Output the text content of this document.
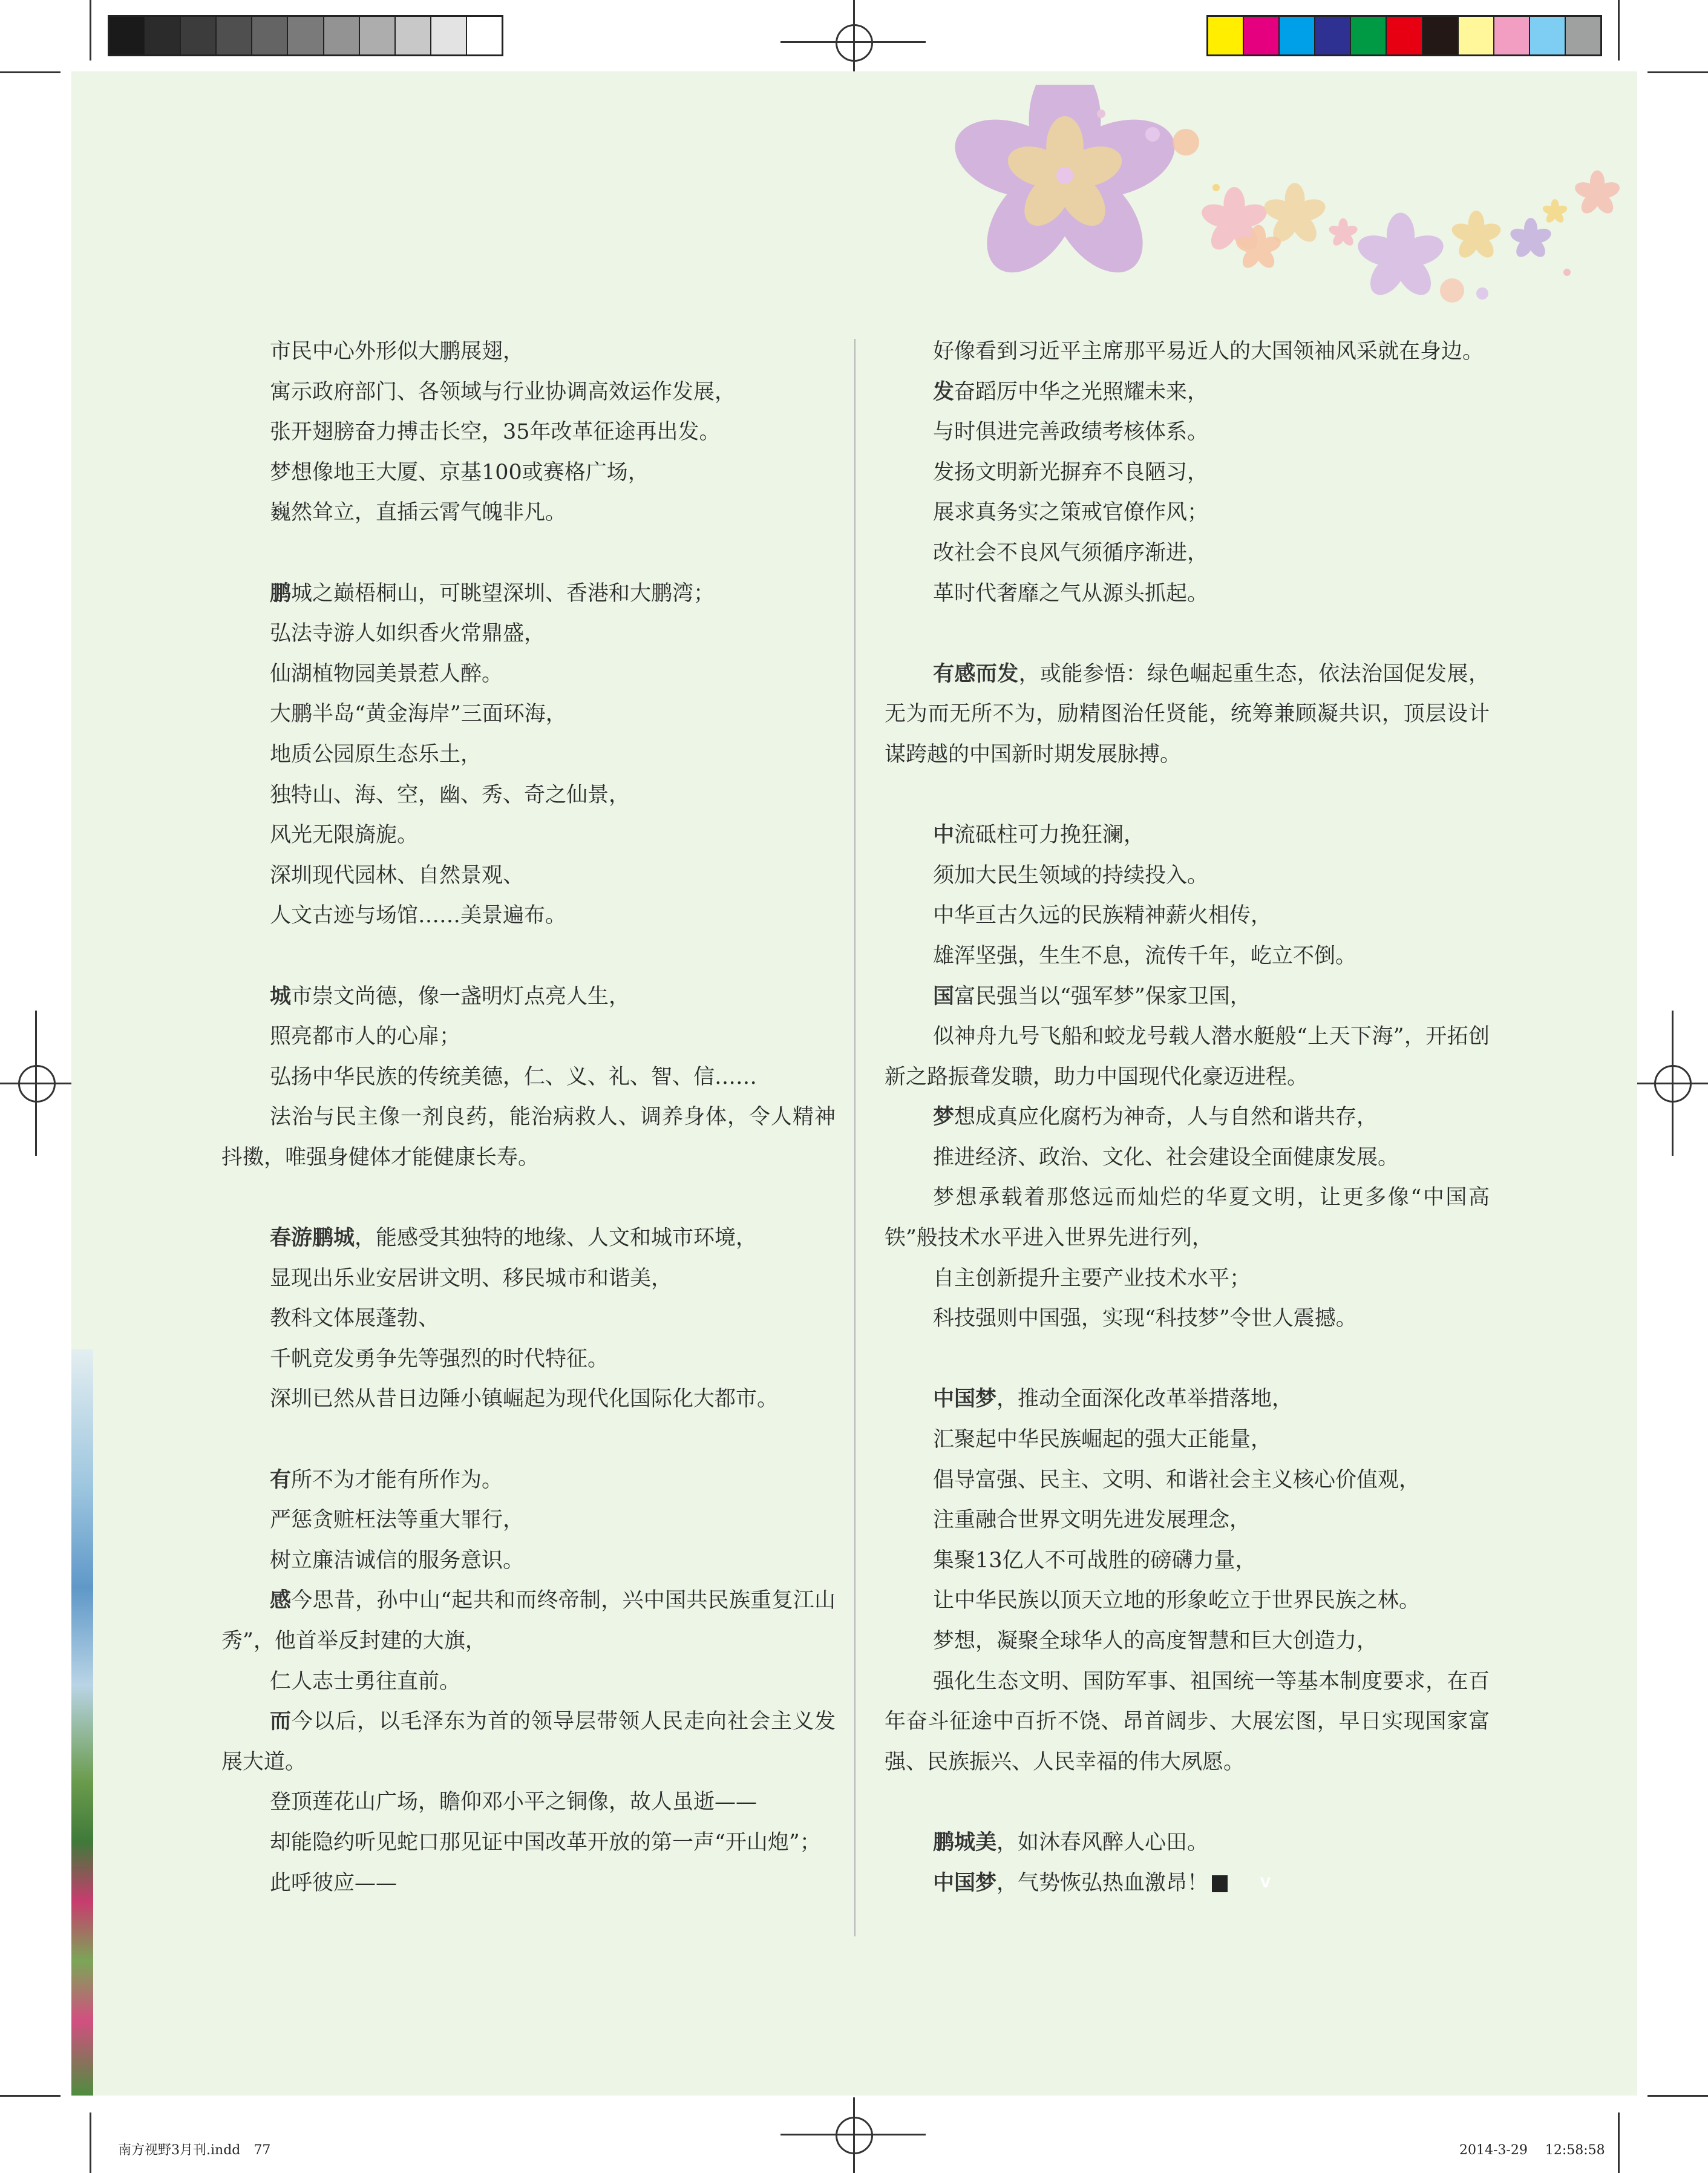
市民中心外形似大鹏展翅，

寓示政府部门、各领域与行业协调高效运作发展，

张开翅膀奋力搏击长空，35年改革征途再出发。

梦想像地王大厦、京基100或赛格广场，

巍然耸立，直插云霄气魄非凡。

鹏城之巅梧桐山，可眺望深圳、香港和大鹏湾；

弘法寺游人如织香火常鼎盛，

仙湖植物园美景惹人醉。

大鹏半岛“黄金海岸”三面环海，

地质公园原生态乐土，

独特山、海、空，幽、秀、奇之仙景，

风光无限旖旎。

深圳现代园林、自然景观、

人文古迹与场馆……美景遍布。

城市崇文尚德，像一盏明灯点亮人生，

照亮都市人的心扉；

弘扬中华民族的传统美德，仁、义、礼、智、信……

法治与民主像一剂良药，能治病救人、调养身体，令人精神抖擞，唯强身健体才能健康长寿。

春游鹏城，能感受其独特的地缘、人文和城市环境，

显现出乐业安居讲文明、移民城市和谐美，

教科文体展蓬勃、

千帆竞发勇争先等强烈的时代特征。

深圳已然从昔日边陲小镇崛起为现代化国际化大都市。

有所不为才能有所作为。

严惩贪赃枉法等重大罪行，

树立廉洁诚信的服务意识。

感今思昔，孙中山“起共和而终帝制，兴中国共民族重复江山秀”，他首举反封建的大旗，

仁人志士勇往直前。

而今以后，以毛泽东为首的领导层带领人民走向社会主义发展大道。

登顶莲花山广场，瞻仰邓小平之铜像，故人虽逝——

却能隐约听见蛇口那见证中国改革开放的第一声“开山炮”；

此呼彼应——

好像看到习近平主席那平易近人的大国领袖风采就在身边。

发奋蹈厉中华之光照耀未来，

与时俱进完善政绩考核体系。

发扬文明新光摒弃不良陋习，

展求真务实之策戒官僚作风；

改社会不良风气须循序渐进，

革时代奢靡之气从源头抓起。

有感而发，或能参悟：绿色崛起重生态，依法治国促发展，无为而无所不为，励精图治任贤能，统筹兼顾凝共识，顶层设计谋跨越的中国新时期发展脉搏。

中流砥柱可力挽狂澜，

须加大民生领域的持续投入。

中华亘古久远的民族精神薪火相传，

雄浑坚强，生生不息，流传千年，屹立不倒。

国富民强当以“强军梦”保家卫国，

似神舟九号飞船和蛟龙号载人潜水艇般“上天下海”，开拓创新之路振聋发聩，助力中国现代化豪迈进程。

梦想成真应化腐朽为神奇，人与自然和谐共存，

推进经济、政治、文化、社会建设全面健康发展。

梦想承载着那悠远而灿烂的华夏文明，让更多像“中国高铁”般技术水平进入世界先进行列，

自主创新提升主要产业技术水平；

科技强则中国强，实现“科技梦”令世人震撼。

中国梦，推动全面深化改革举措落地，

汇聚起中华民族崛起的强大正能量，

倡导富强、民主、文明、和谐社会主义核心价值观，

注重融合世界文明先进发展理念，

集聚13亿人不可战胜的磅礴力量，

让中华民族以顶天立地的形象屹立于世界民族之林。

梦想，凝聚全球华人的高度智慧和巨大创造力，

强化生态文明、国防军事、祖国统一等基本制度要求，在百年奋斗征途中百折不饶、昂首阔步、大展宏图，早日实现国家富强、民族振兴、人民幸福的伟大夙愿。

鹏城美，如沐春风醉人心田。

中国梦，气势恢弘热血激昂！	V

南方视野3月刊.indd　77	2014-3-29　 12:58:58
